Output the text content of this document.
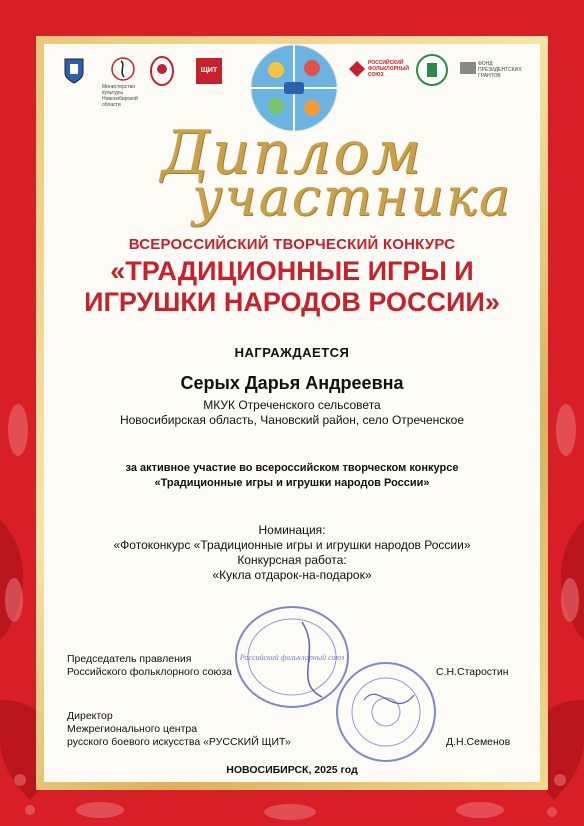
Министерство культуры Новосибирской области
ЩИТ
РОССИЙСКИЙ ФОЛЬКЛОРНЫЙ СОЮЗ
ФОНД ПРЕЗИДЕНТСКИХ ГРАНТОВ
Диплом
участника
ВСЕРОССИЙСКИЙ ТВОРЧЕСКИЙ КОНКУРС
«ТРАДИЦИОННЫЕ ИГРЫ И
ИГРУШКИ НАРОДОВ РОССИИ»
НАГРАЖДАЕТСЯ
Серых Дарья Андреевна
МКУК Отреченского сельсовета
Новосибирская область, Чановский район, село Отреченское
за активное участие во всероссийском творческом конкурсе
«Традиционные игры и игрушки народов России»
Номинация:
«Фотоконкурс «Традиционные игры и игрушки народов России»
Конкурсная работа:
«Кукла отдарок-на-подарок»
Российский фольклорный союз
Председатель правления
Российского фольклорного союза	С.Н.Старостин
Директор
Межрегионального центра
русского боевого искусства «РУССКИЙ ЩИТ»	Д.Н.Семенов
НОВОСИБИРСК, 2025 год
